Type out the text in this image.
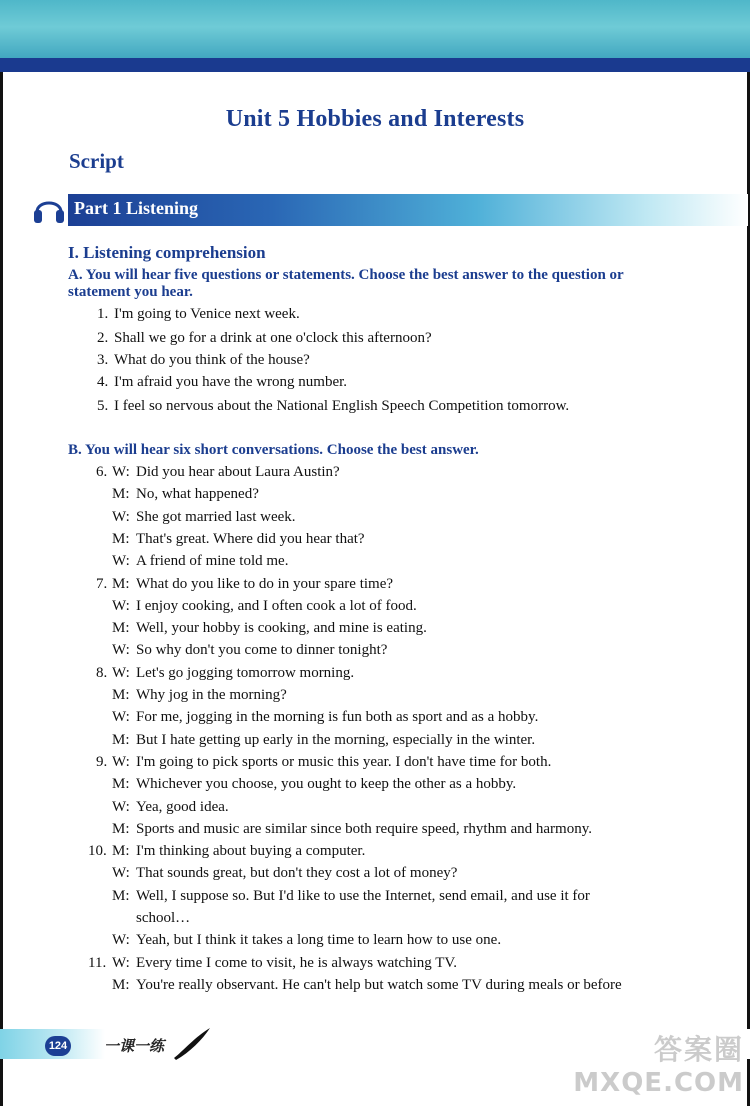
Unit 5 Hobbies and Interests
Script
Part 1 Listening
I. Listening comprehension
A. You will hear five questions or statements. Choose the best answer to the question or statement you hear.
1. I'm going to Venice next week.
2. Shall we go for a drink at one o'clock this afternoon?
3. What do you think of the house?
4. I'm afraid you have the wrong number.
5. I feel so nervous about the National English Speech Competition tomorrow.
B. You will hear six short conversations. Choose the best answer.
6. W: Did you hear about Laura Austin?
M: No, what happened?
W: She got married last week.
M: That's great. Where did you hear that?
W: A friend of mine told me.
7. M: What do you like to do in your spare time?
W: I enjoy cooking, and I often cook a lot of food.
M: Well, your hobby is cooking, and mine is eating.
W: So why don't you come to dinner tonight?
8. W: Let's go jogging tomorrow morning.
M: Why jog in the morning?
W: For me, jogging in the morning is fun both as sport and as a hobby.
M: But I hate getting up early in the morning, especially in the winter.
9. W: I'm going to pick sports or music this year. I don't have time for both.
M: Whichever you choose, you ought to keep the other as a hobby.
W: Yea, good idea.
M: Sports and music are similar since both require speed, rhythm and harmony.
10. M: I'm thinking about buying a computer.
W: That sounds great, but don't they cost a lot of money?
M: Well, I suppose so. But I'd like to use the Internet, send email, and use it for
school…
W: Yeah, but I think it takes a long time to learn how to use one.
11. W: Every time I come to visit, he is always watching TV.
M: You're really observant. He can't help but watch some TV during meals or before
124 一课一练	答案圈
MXQE.COM
